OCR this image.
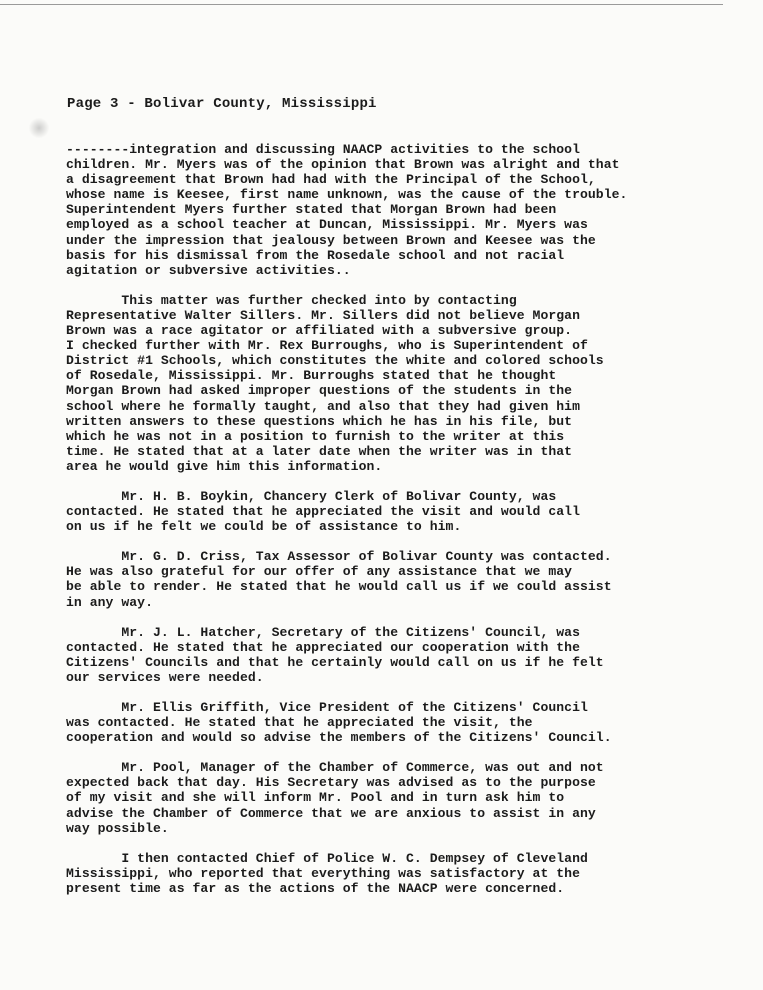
Page 3 - Bolivar County, Mississippi
--------integration and discussing NAACP activities to the school
children. Mr. Myers was of the opinion that Brown was alright and that
a disagreement that Brown had had with the Principal of the School,
whose name is Keesee, first name unknown, was the cause of the trouble.
Superintendent Myers further stated that Morgan Brown had been
employed as a school teacher at Duncan, Mississippi. Mr. Myers was
under the impression that jealousy between Brown and Keesee was the
basis for his dismissal from the Rosedale school and not racial
agitation or subversive activities..
This matter was further checked into by contacting
Representative Walter Sillers. Mr. Sillers did not believe Morgan
Brown was a race agitator or affiliated with a subversive group.
I checked further with Mr. Rex Burroughs, who is Superintendent of
District #1 Schools, which constitutes the white and colored schools
of Rosedale, Mississippi. Mr. Burroughs stated that he thought
Morgan Brown had asked improper questions of the students in the
school where he formally taught, and also that they had given him
written answers to these questions which he has in his file, but
which he was not in a position to furnish to the writer at this
time. He stated that at a later date when the writer was in that
area he would give him this information.
Mr. H. B. Boykin, Chancery Clerk of Bolivar County, was
contacted. He stated that he appreciated the visit and would call
on us if he felt we could be of assistance to him.
Mr. G. D. Criss, Tax Assessor of Bolivar County was contacted.
He was also grateful for our offer of any assistance that we may
be able to render. He stated that he would call us if we could assist
in any way.
Mr. J. L. Hatcher, Secretary of the Citizens' Council, was
contacted. He stated that he appreciated our cooperation with the
Citizens' Councils and that he certainly would call on us if he felt
our services were needed.
Mr. Ellis Griffith, Vice President of the Citizens' Council
was contacted. He stated that he appreciated the visit, the
cooperation and would so advise the members of the Citizens' Council.
Mr. Pool, Manager of the Chamber of Commerce, was out and not
expected back that day. His Secretary was advised as to the purpose
of my visit and she will inform Mr. Pool and in turn ask him to
advise the Chamber of Commerce that we are anxious to assist in any
way possible.
I then contacted Chief of Police W. C. Dempsey of Cleveland
Mississippi, who reported that everything was satisfactory at the
present time as far as the actions of the NAACP were concerned.
